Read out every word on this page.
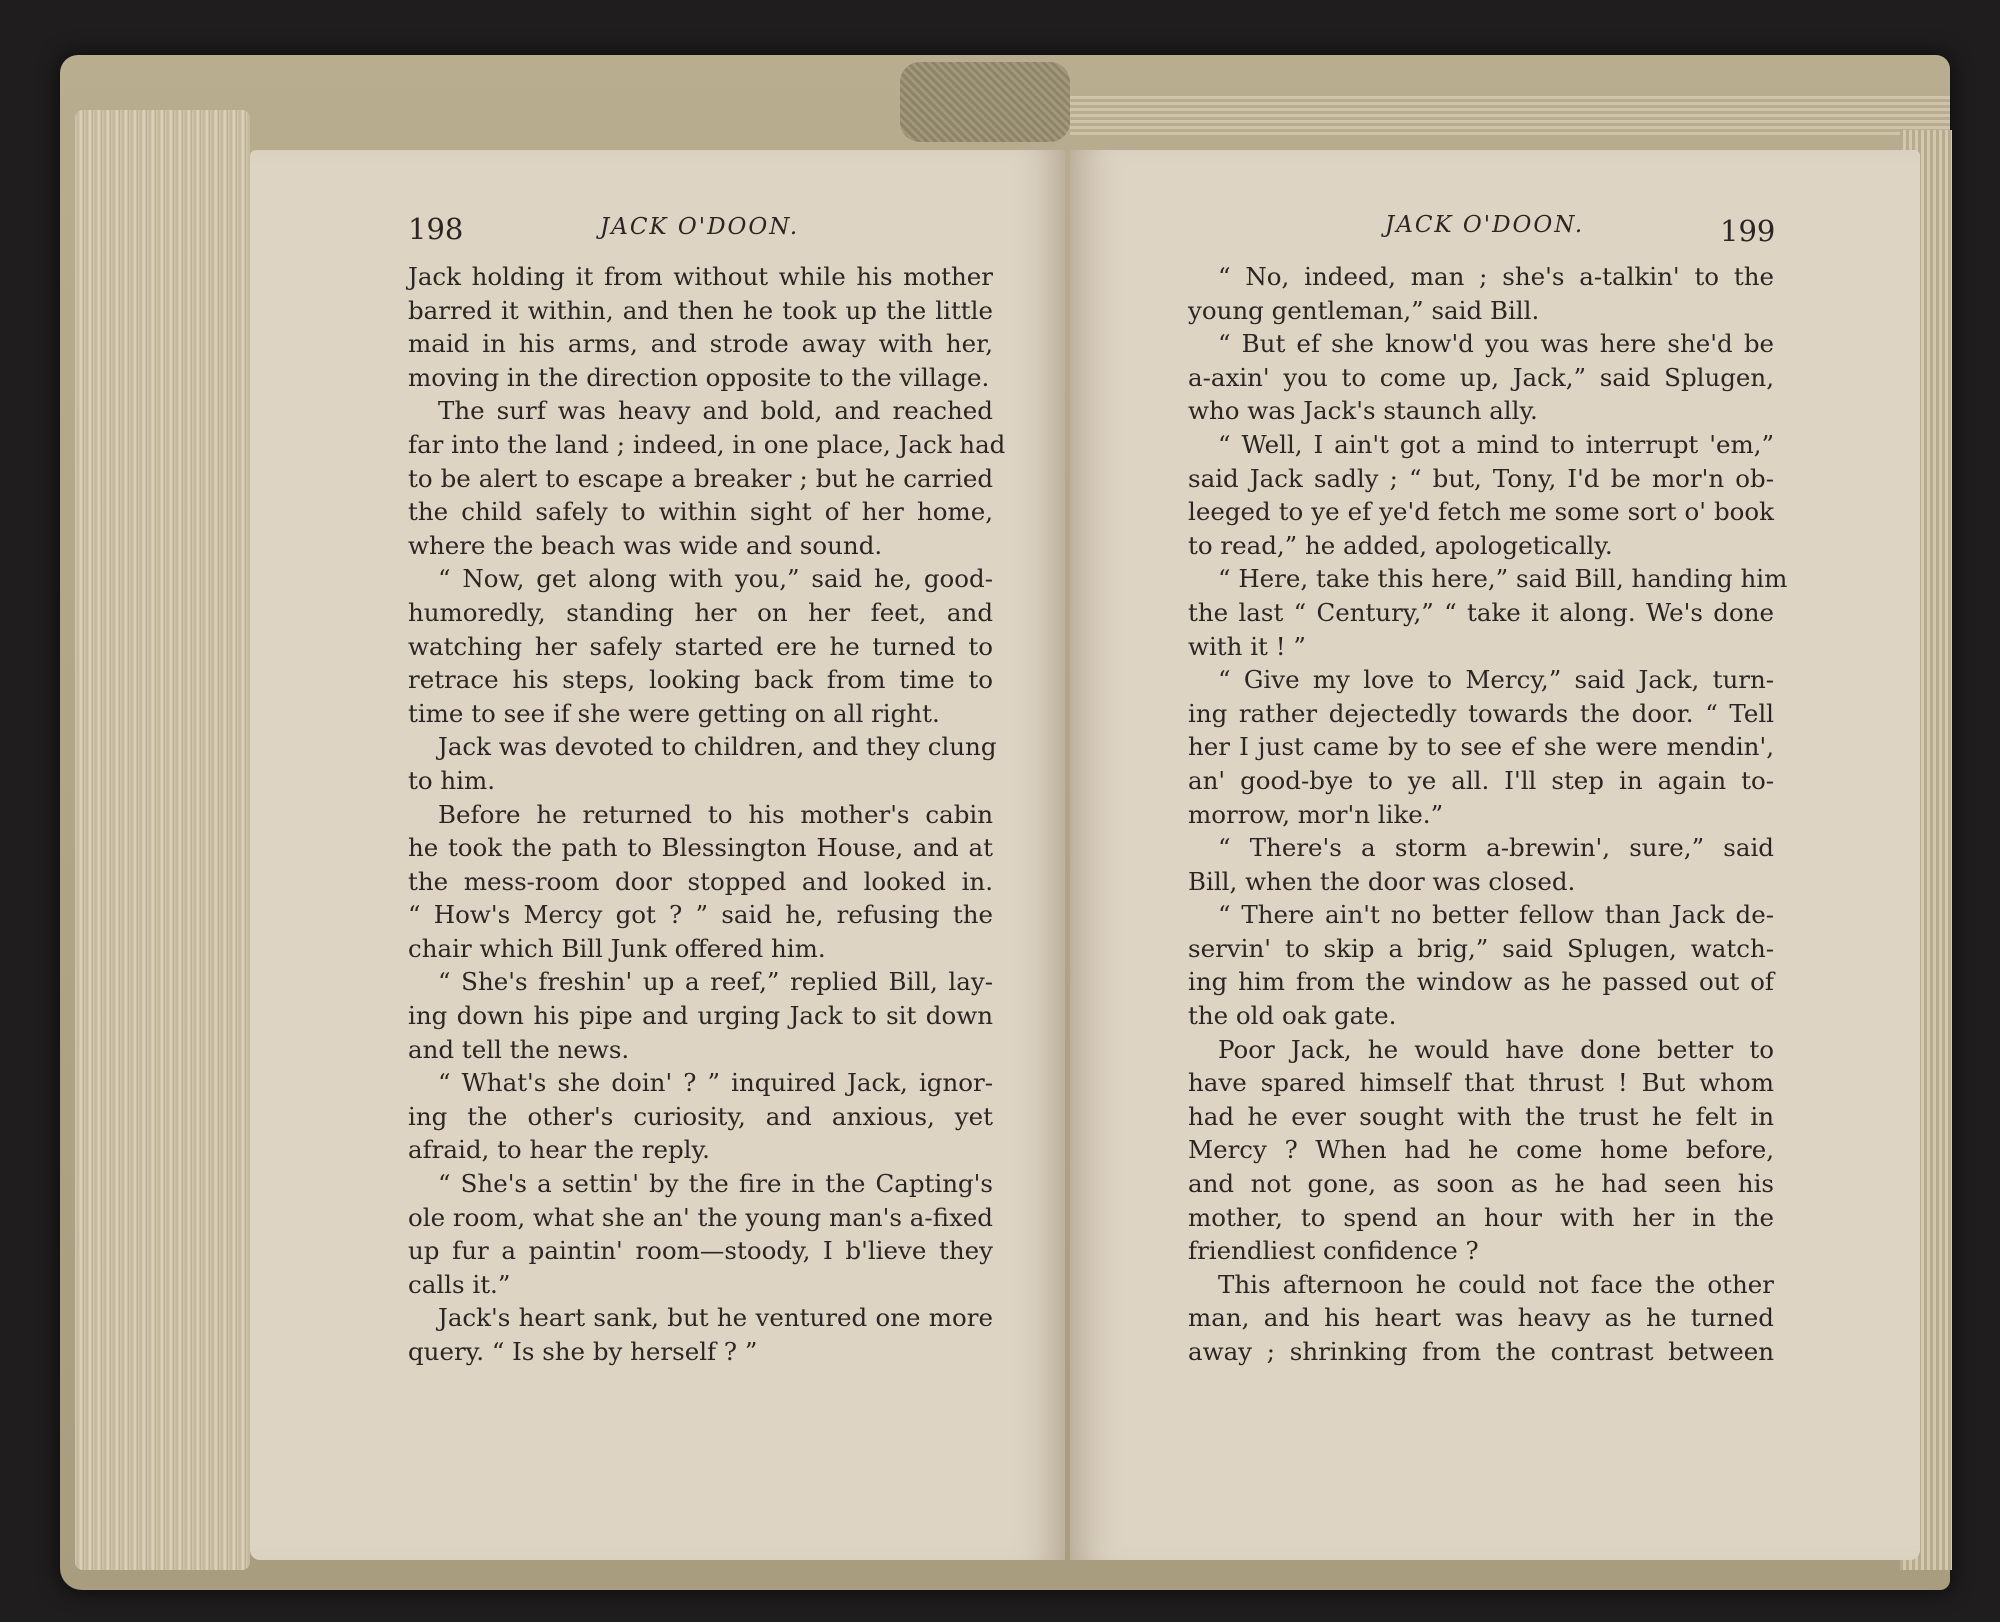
198	JACK O'DOON.
Jack holding it from without while his mother
barred it within, and then he took up the little
maid in his arms, and strode away with her,
moving in the direction opposite to the village.
The surf was heavy and bold, and reached
far into the land ; indeed, in one place, Jack had
to be alert to escape a breaker ; but he carried
the child safely to within sight of her home,
where the beach was wide and sound.
“ Now, get along with you,” said he, good-
humoredly, standing her on her feet, and
watching her safely started ere he turned to
retrace his steps, looking back from time to
time to see if she were getting on all right.
Jack was devoted to children, and they clung
to him.
Before he returned to his mother's cabin
he took the path to Blessington House, and at
the mess-room door stopped and looked in.
“ How's Mercy got ? ” said he, refusing the
chair which Bill Junk offered him.
“ She's freshin' up a reef,” replied Bill, lay-
ing down his pipe and urging Jack to sit down
and tell the news.
“ What's she doin' ? ” inquired Jack, ignor-
ing the other's curiosity, and anxious, yet
afraid, to hear the reply.
“ She's a settin' by the fire in the Capting's
ole room, what she an' the young man's a-fixed
up fur a paintin' room—stoody, I b'lieve they
calls it.”
Jack's heart sank, but he ventured one more
query. “ Is she by herself ? ”
JACK O'DOON.	199
“ No, indeed, man ; she's a-talkin' to the
young gentleman,” said Bill.
“ But ef she know'd you was here she'd be
a-axin' you to come up, Jack,” said Splugen,
who was Jack's staunch ally.
“ Well, I ain't got a mind to interrupt 'em,”
said Jack sadly ; “ but, Tony, I'd be mor'n ob-
leeged to ye ef ye'd fetch me some sort o' book
to read,” he added, apologetically.
“ Here, take this here,” said Bill, handing him
the last “ Century,” “ take it along. We's done
with it ! ”
“ Give my love to Mercy,” said Jack, turn-
ing rather dejectedly towards the door. “ Tell
her I just came by to see ef she were mendin',
an' good-bye to ye all. I'll step in again to-
morrow, mor'n like.”
“ There's a storm a-brewin', sure,” said
Bill, when the door was closed.
“ There ain't no better fellow than Jack de-
servin' to skip a brig,” said Splugen, watch-
ing him from the window as he passed out of
the old oak gate.
Poor Jack, he would have done better to
have spared himself that thrust ! But whom
had he ever sought with the trust he felt in
Mercy ? When had he come home before,
and not gone, as soon as he had seen his
mother, to spend an hour with her in the
friendliest confidence ?
This afternoon he could not face the other
man, and his heart was heavy as he turned
away ; shrinking from the contrast between
